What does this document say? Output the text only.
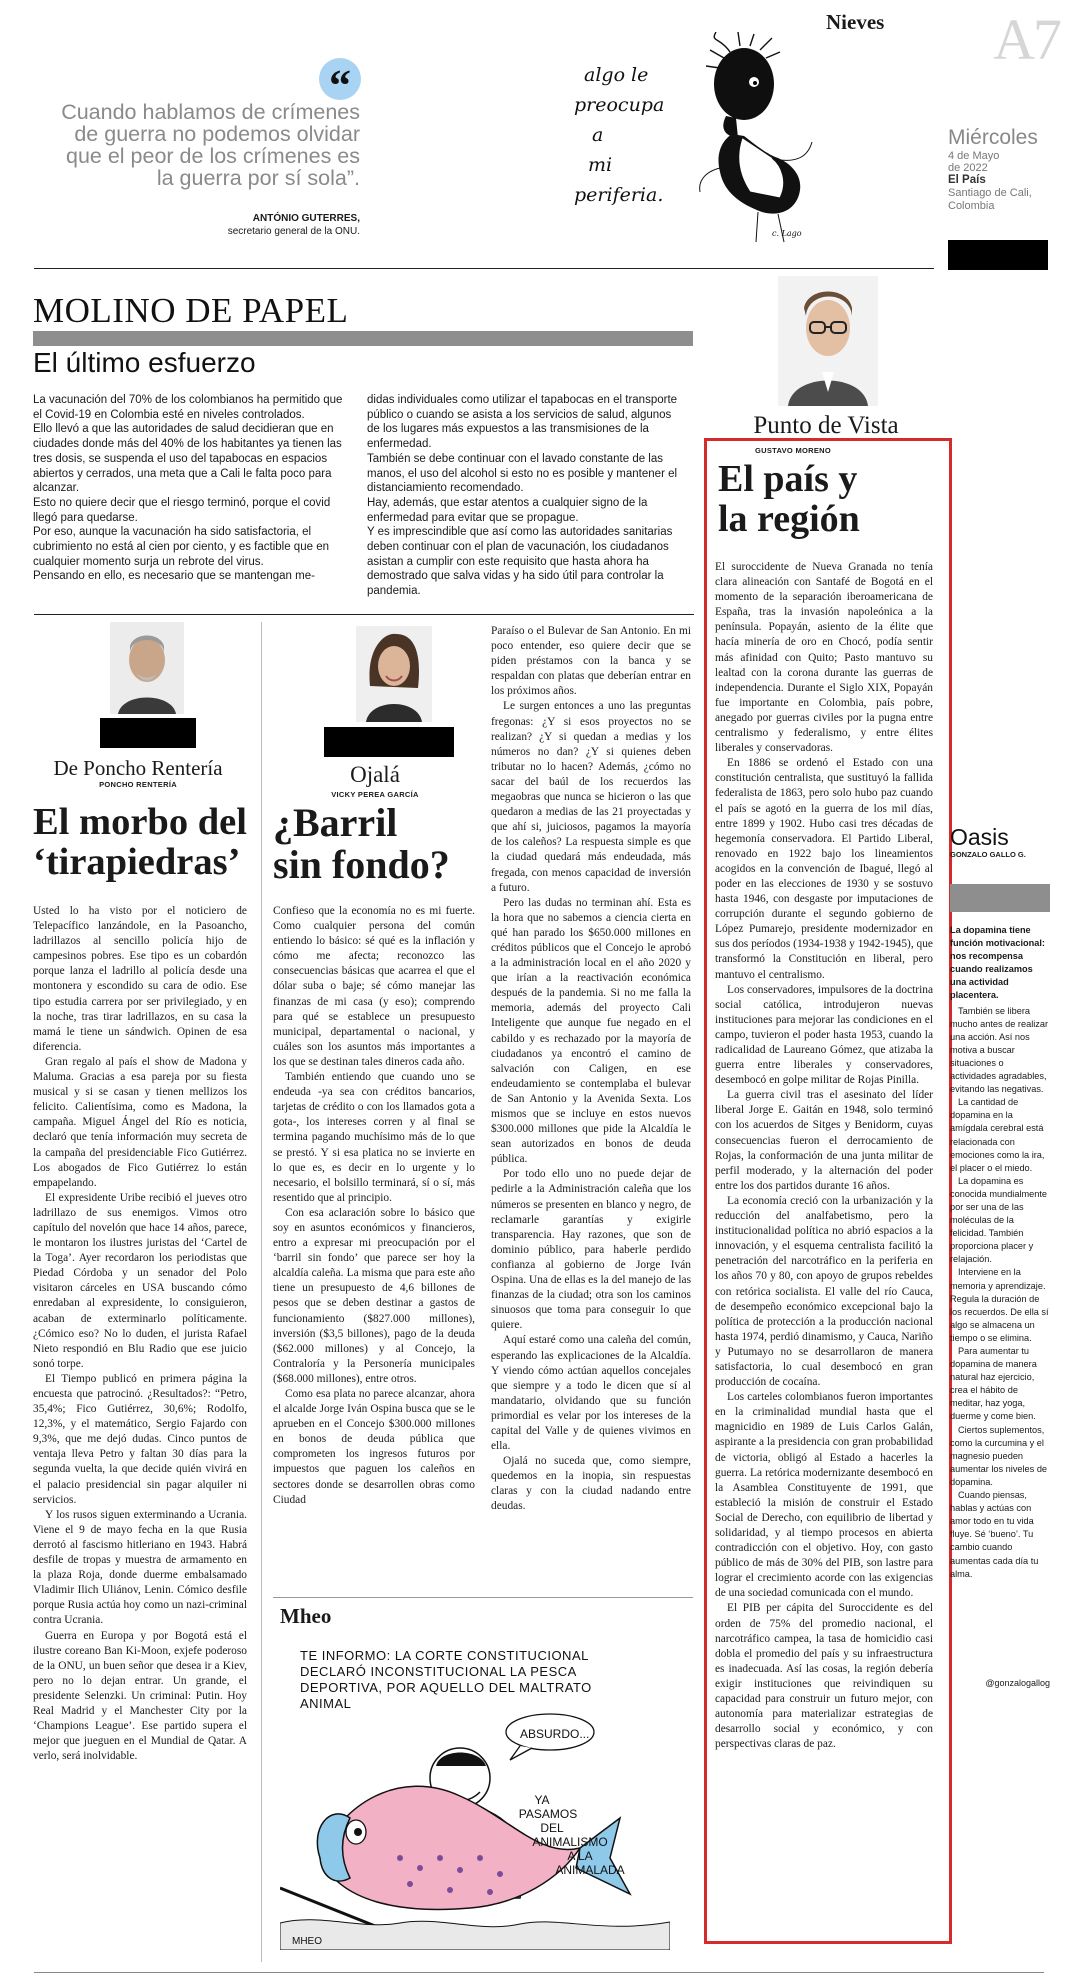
A7
Miércoles
4 de Mayo
de 2022
El País
Santiago de Cali,
Colombia
“
Cuando hablamos de crímenes
de guerra no podemos olvidar
que el peor de los crímenes es
la guerra por sí sola”.
ANTÓNIO GUTERRES,
secretario general de la ONU.
Nieves
algo le
preocupa
a
mi
periferia.
c. Lago
MOLINO DE PAPEL
El último esfuerzo
La vacunación del 70% de los colombianos ha permitido que el Covid-19 en Colombia esté en niveles controlados.
Ello llevó a que las autoridades de salud decidieran que en ciudades donde más del 40% de los habitantes ya tienen las tres dosis, se suspenda el uso del tapabocas en espacios abiertos y cerrados, una meta que a Cali le falta poco para alcanzar.
Esto no quiere decir que el riesgo terminó, porque el covid llegó para quedarse.
Por eso, aunque la vacunación ha sido satisfactoria, el cubrimiento no está al cien por ciento, y es factible que en cualquier momento surja un rebrote del virus.
Pensando en ello, es necesario que se mantengan me-
didas individuales como utilizar el tapabocas en el transporte público o cuando se asista a los servicios de salud, algunos de los lugares más expuestos a las transmisiones de la enfermedad.
También se debe continuar con el lavado constante de las manos, el uso del alcohol si esto no es posible y mantener el distanciamiento recomendado.
Hay, además, que estar atentos a cualquier signo de la enfermedad para evitar que se propague.
Y es imprescindible que así como las autoridades sanitarias deben continuar con el plan de vacunación, los ciudadanos asistan a cumplir con este requisito que hasta ahora ha demostrado que salva vidas y ha sido útil para controlar la pandemia.
De Poncho Rentería
PONCHO RENTERÍA
El morbo del
‘tirapiedras’

Usted lo ha visto por el noticiero de Telepacífico lanzándole, en la Pasoancho, ladrillazos al sencillo policía hijo de campesinos pobres. Ese tipo es un cobardón porque lanza el ladrillo al policía desde una montonera y escondido su cara de odio. Ese tipo estudia carrera por ser privilegiado, y en la noche, tras tirar ladrillazos, en su casa la mamá le tiene un sándwich. Opinen de esa diferencia.

Gran regalo al país el show de Madona y Maluma. Gracias a esa pareja por su fiesta musical y si se casan y tienen mellizos los felicito. Calientísima, como es Madona, la campaña. Miguel Ángel del Río es noticia, declaró que tenía información muy secreta de la campaña del presidenciable Fico Gutiérrez. Los abogados de Fico Gutiérrez lo están empapelando.

El expresidente Uribe recibió el jueves otro ladrillazo de sus enemigos. Vimos otro capítulo del novelón que hace 14 años, parece, le montaron los ilustres juristas del ‘Cartel de la Toga’. Ayer recordaron los periodistas que Piedad Córdoba y un senador del Polo visitaron cárceles en USA buscando cómo enredaban al expresidente, lo consiguieron, acaban de exterminarlo políticamente. ¿Cómico eso? No lo duden, el jurista Rafael Nieto respondió en Blu Radio que ese juicio sonó torpe.

El Tiempo publicó en primera página la encuesta que patrocinó. ¿Resultados?: “Petro, 35,4%; Fico Gutiérrez, 30,6%; Rodolfo, 12,3%, y el matemático, Sergio Fajardo con 9,3%, que me dejó dudas. Cinco puntos de ventaja lleva Petro y faltan 30 días para la segunda vuelta, la que decide quién vivirá en el palacio presidencial sin pagar alquiler ni servicios.

Y los rusos siguen exterminando a Ucrania. Viene el 9 de mayo fecha en la que Rusia derrotó al fascismo hitleriano en 1943. Habrá desfile de tropas y muestra de armamento en la plaza Roja, donde duerme embalsamado Vladimir Ilich Uliánov, Lenin. Cómico desfile porque Rusia actúa hoy como un nazi-criminal contra Ucrania.

Guerra en Europa y por Bogotá está el ilustre coreano Ban Ki-Moon, exjefe poderoso de la ONU, un buen señor que desea ir a Kiev, pero no lo dejan entrar. Un grande, el presidente Selenzki. Un criminal: Putin. Hoy Real Madrid y el Manchester City por la ‘Champions League’. Ese partido supera el mejor que jueguen en el Mundial de Qatar. A verlo, será inolvidable.

Ojalá
VICKY PEREA GARCÍA
¿Barril
sin fondo?

Confieso que la economía no es mi fuerte. Como cualquier persona del común entiendo lo básico: sé qué es la inflación y cómo me afecta; reconozco las consecuencias básicas que acarrea el que el dólar suba o baje; sé cómo manejar las finanzas de mi casa (y eso); comprendo para qué se establece un presupuesto municipal, departamental o nacional, y cuáles son los asuntos más importantes a los que se destinan tales dineros cada año.

También entiendo que cuando uno se endeuda -ya sea con créditos bancarios, tarjetas de crédito o con los llamados gota a gota-, los intereses corren y al final se termina pagando muchísimo más de lo que se prestó. Y si esa platica no se invierte en lo que es, es decir en lo urgente y lo necesario, el bolsillo terminará, sí o sí, más resentido que al principio.

Con esa aclaración sobre lo básico que soy en asuntos económicos y financieros, entro a expresar mi preocupación por el ‘barril sin fondo’ que parece ser hoy la alcaldía caleña. La misma que para este año tiene un presupuesto de 4,6 billones de pesos que se deben destinar a gastos de funcionamiento ($827.000 millones), inversión ($3,5 billones), pago de la deuda ($62.000 millones) y al Concejo, la Contraloría y la Personería municipales ($68.000 millones), entre otros.

Como esa plata no parece alcanzar, ahora el alcalde Jorge Iván Ospina busca que se le aprueben en el Concejo $300.000 millones en bonos de deuda pública que comprometen los ingresos futuros por impuestos que paguen los caleños en sectores donde se desarrollen obras como Ciudad

Paraíso o el Bulevar de San Antonio. En mi poco entender, eso quiere decir que se piden préstamos con la banca y se respaldan con platas que deberían entrar en los próximos años.

Le surgen entonces a uno las preguntas fregonas: ¿Y si esos proyectos no se realizan? ¿Y si quedan a medias y los números no dan? ¿Y si quienes deben tributar no lo hacen? Además, ¿cómo no sacar del baúl de los recuerdos las megaobras que nunca se hicieron o las que quedaron a medias de las 21 proyectadas y que ahí si, juiciosos, pagamos la mayoría de los caleños? La respuesta simple es que la ciudad quedará más endeudada, más fregada, con menos capacidad de inversión a futuro.

Pero las dudas no terminan ahí. Esta es la hora que no sabemos a ciencia cierta en qué han parado los $650.000 millones en créditos públicos que el Concejo le aprobó a la administración local en el año 2020 y que irían a la reactivación económica después de la pandemia. Si no me falla la memoria, además del proyecto Cali Inteligente que aunque fue negado en el cabildo y es rechazado por la mayoría de ciudadanos ya encontró el camino de salvación con Caligen, en ese endeudamiento se contemplaba el bulevar de San Antonio y la Avenida Sexta. Los mismos que se incluye en estos nuevos $300.000 millones que pide la Alcaldía le sean autorizados en bonos de deuda pública.

Por todo ello uno no puede dejar de pedirle a la Administración caleña que los números se presenten en blanco y negro, de reclamarle garantías y exigirle transparencia. Hay razones, que son de dominio público, para haberle perdido confianza al gobierno de Jorge Iván Ospina. Una de ellas es la del manejo de las finanzas de la ciudad; otra son los caminos sinuosos que toma para conseguir lo que quiere.

Aquí estaré como una caleña del común, esperando las explicaciones de la Alcaldía. Y viendo cómo actúan aquellos concejales que siempre y a todo le dicen que sí al mandatario, olvidando que su función primordial es velar por los intereses de la capital del Valle y de quienes vivimos en ella.

Ojalá no suceda que, como siempre, quedemos en la inopia, sin respuestas claras y con la ciudad nadando entre deudas.

Mheo
TE INFORMO: LA CORTE CONSTITUCIONAL
DECLARÓ INCONSTITUCIONAL LA PESCA
DEPORTIVA, POR AQUELLO DEL MALTRATO
ANIMAL
ABSURDO...
YA
PASAMOS
DEL
ANIMALISMO
A LA
ANIMALADA
MHEO
Punto de Vista
GUSTAVO MORENO
El país y
la región

El suroccidente de Nueva Granada no tenía clara alineación con Santafé de Bogotá en el momento de la separación iberoamericana de España, tras la invasión napoleónica a la península. Popayán, asiento de la élite que hacía minería de oro en Chocó, podía sentir más afinidad con Quito; Pasto mantuvo su lealtad con la corona durante las guerras de independencia. Durante el Siglo XIX, Popayán fue importante en Colombia, país pobre, anegado por guerras civiles por la pugna entre centralismo y federalismo, y entre élites liberales y conservadoras.

En 1886 se ordenó el Estado con una constitución centralista, que sustituyó la fallida federalista de 1863, pero solo hubo paz cuando el país se agotó en la guerra de los mil días, entre 1899 y 1902. Hubo casi tres décadas de hegemonía conservadora. El Partido Liberal, renovado en 1922 bajo los lineamientos acogidos en la convención de Ibagué, llegó al poder en las elecciones de 1930 y se sostuvo hasta 1946, con desgaste por imputaciones de corrupción durante el segundo gobierno de López Pumarejo, presidente modernizador en sus dos períodos (1934-1938 y 1942-1945), que transformó la Constitución en liberal, pero mantuvo el centralismo.

Los conservadores, impulsores de la doctrina social católica, introdujeron nuevas instituciones para mejorar las condiciones en el campo, tuvieron el poder hasta 1953, cuando la radicalidad de Laureano Gómez, que atizaba la guerra entre liberales y conservadores, desembocó en golpe militar de Rojas Pinilla.

La guerra civil tras el asesinato del líder liberal Jorge E. Gaitán en 1948, solo terminó con los acuerdos de Sitges y Benidorm, cuyas consecuencias fueron el derrocamiento de Rojas, la conformación de una junta militar de perfil moderado, y la alternación del poder entre los dos partidos durante 16 años.

La economía creció con la urbanización y la reducción del analfabetismo, pero la institucionalidad política no abrió espacios a la innovación, y el esquema centralista facilitó la penetración del narcotráfico en la periferia en los años 70 y 80, con apoyo de grupos rebeldes con retórica socialista. El valle del río Cauca, de desempeño económico excepcional bajo la política de protección a la producción nacional hasta 1974, perdió dinamismo, y Cauca, Nariño y Putumayo no se desarrollaron de manera satisfactoria, lo cual desembocó en gran producción de cocaína.

Los carteles colombianos fueron importantes en la criminalidad mundial hasta que el magnicidio en 1989 de Luis Carlos Galán, aspirante a la presidencia con gran probabilidad de victoria, obligó al Estado a hacerles la guerra. La retórica modernizante desembocó en la Asamblea Constituyente de 1991, que estableció la misión de construir el Estado Social de Derecho, con equilibrio de libertad y solidaridad, y al tiempo procesos en abierta contradicción con el objetivo. Hoy, con gasto público de más de 30% del PIB, son lastre para lograr el crecimiento acorde con las exigencias de una sociedad comunicada con el mundo.

El PIB per cápita del Suroccidente es del orden de 75% del promedio nacional, el narcotráfico campea, la tasa de homicidio casi dobla el promedio del país y su infraestructura es inadecuada. Así las cosas, la región debería exigir instituciones que reivindiquen su capacidad para construir un futuro mejor, con autonomía para materializar estrategias de desarrollo social y económico, y con perspectivas claras de paz.

Oasis
GONZALO GALLO G.
La dopamina tiene función motivacional: nos recompensa cuando realizamos una actividad placentera.
También se libera mucho antes de realizar una acción. Así nos motiva a buscar situaciones o actividades agradables, evitando las negativas.
La cantidad de dopamina en la amígdala cerebral está relacionada con emociones como la ira, el placer o el miedo.
La dopamina es conocida mundialmente por ser una de las moléculas de la felicidad. También proporciona placer y relajación.
Interviene en la memoria y aprendizaje. Regula la duración de los recuerdos. De ella sí algo se almacena un tiempo o se elimina.
Para aumentar tu dopamina de manera natural haz ejercicio, crea el hábito de meditar, haz yoga, duerme y come bien.
Ciertos suplementos, como la curcumina y el magnesio pueden aumentar los niveles de dopamina.
Cuando piensas, hablas y actúas con amor todo en tu vida fluye. Sé ‘bueno’. Tu cambio cuando aumentas cada día tu alma.
@gonzalogallog
